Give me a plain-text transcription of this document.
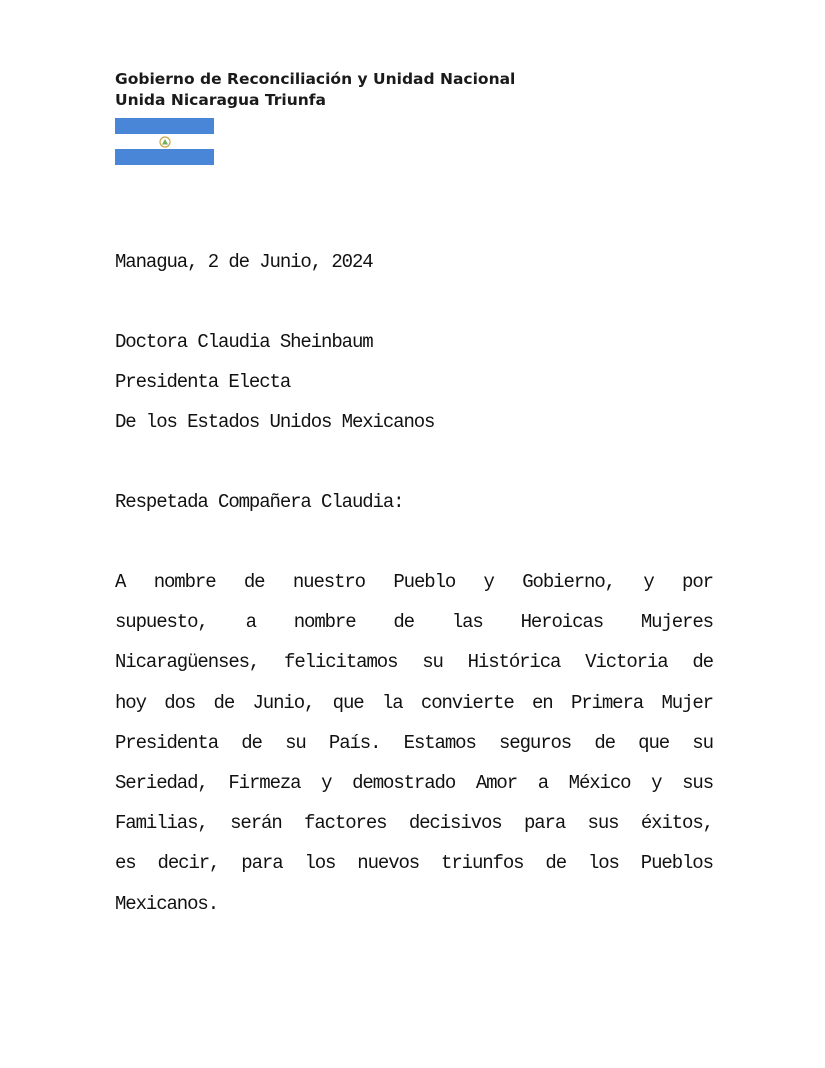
Gobierno de Reconciliación y Unidad Nacional
Unida Nicaragua Triunfa
Managua, 2 de Junio, 2024
Doctora Claudia Sheinbaum
Presidenta Electa
De los Estados Unidos Mexicanos
Respetada Compañera Claudia:
A nombre de nuestro Pueblo y Gobierno, y por
supuesto, a nombre de las Heroicas Mujeres
Nicaragüenses, felicitamos su Histórica Victoria de
hoy dos de Junio, que la convierte en Primera Mujer
Presidenta de su País. Estamos seguros de que su
Seriedad, Firmeza y demostrado Amor a México y sus
Familias, serán factores decisivos para sus éxitos,
es decir, para los nuevos triunfos de los Pueblos
Mexicanos.
